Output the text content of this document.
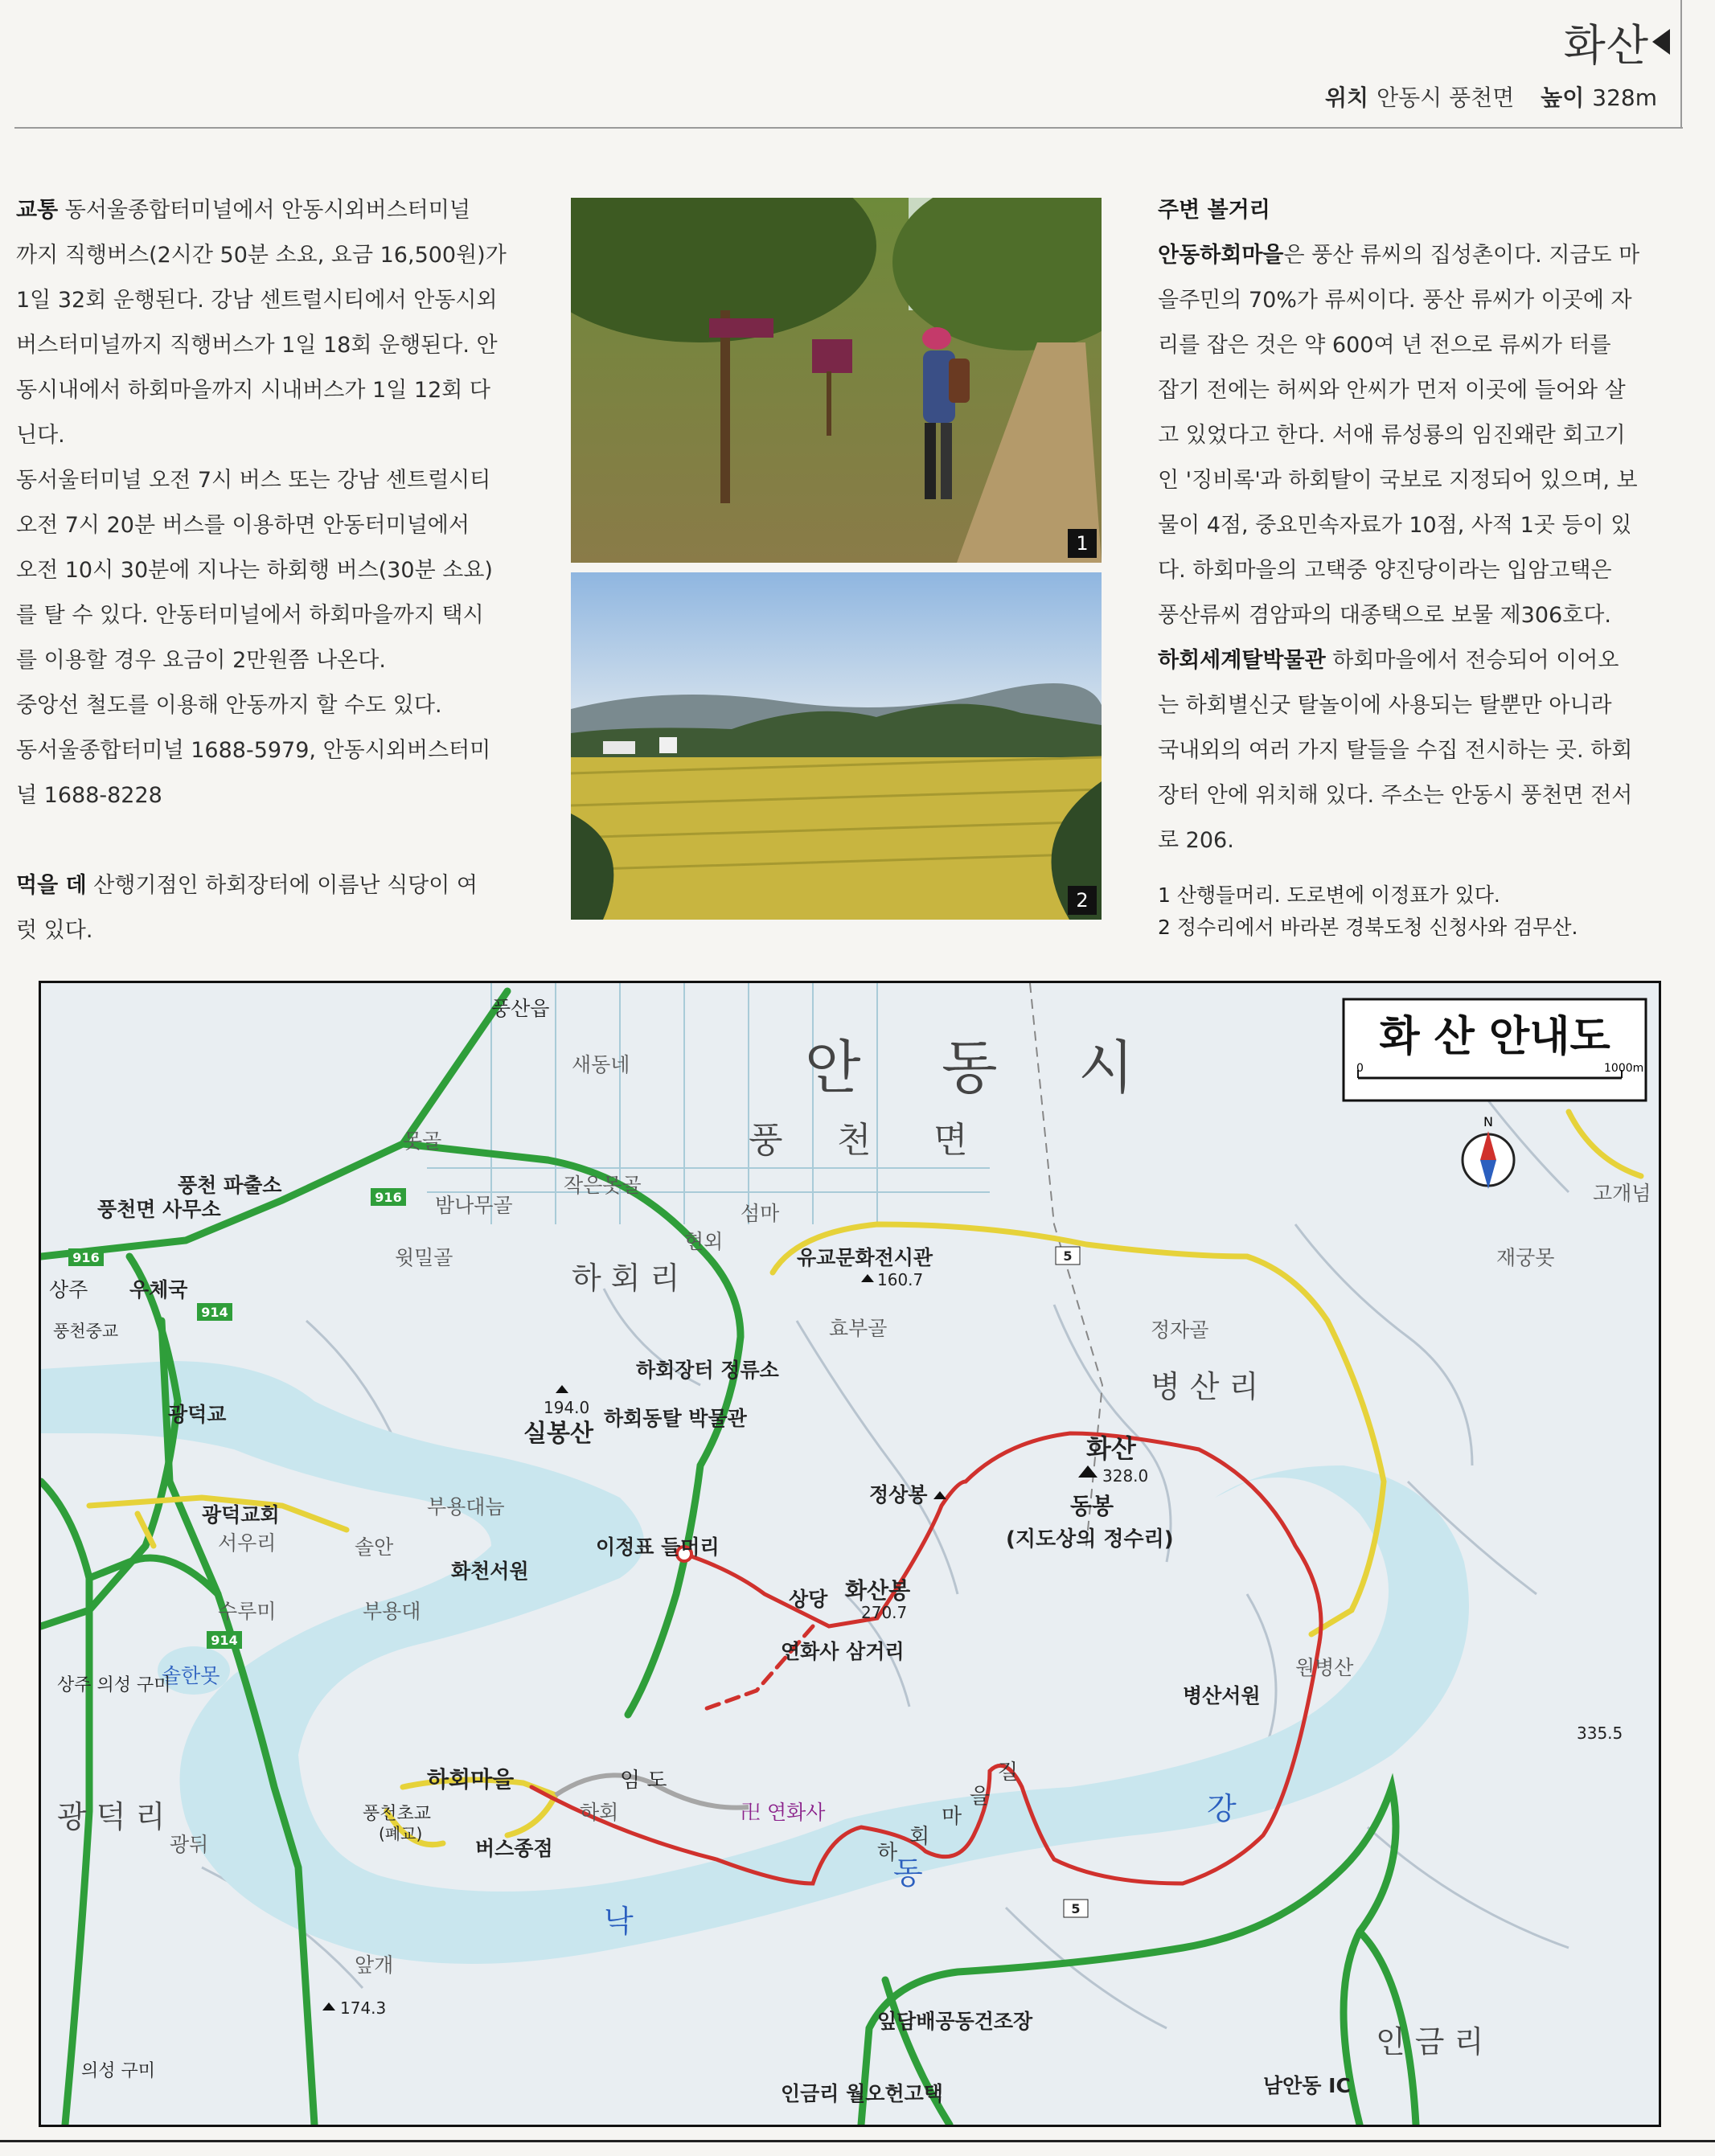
화산
위치 안동시 풍천면 높이 328m

교통 동서울종합터미널에서 안동시외버스터미널

까지 직행버스(2시간 50분 소요, 요금 16,500원)가

1일 32회 운행된다. 강남 센트럴시티에서 안동시외

버스터미널까지 직행버스가 1일 18회 운행된다. 안

동시내에서 하회마을까지 시내버스가 1일 12회 다

닌다.

동서울터미널 오전 7시 버스 또는 강남 센트럴시티

오전 7시 20분 버스를 이용하면 안동터미널에서

오전 10시 30분에 지나는 하회행 버스(30분 소요)

를 탈 수 있다. 안동터미널에서 하회마을까지 택시

를 이용할 경우 요금이 2만원쯤 나온다.

중앙선 철도를 이용해 안동까지 할 수도 있다.

동서울종합터미널 1688-5979, 안동시외버스터미

널 1688-8228

먹을 데 산행기점인 하회장터에 이름난 식당이 여

럿 있다.

1
2

주변 볼거리

안동하회마을은 풍산 류씨의 집성촌이다. 지금도 마

을주민의 70%가 류씨이다. 풍산 류씨가 이곳에 자

리를 잡은 것은 약 600여 년 전으로 류씨가 터를

잡기 전에는 허씨와 안씨가 먼저 이곳에 들어와 살

고 있었다고 한다. 서애 류성룡의 임진왜란 회고기

인 '징비록'과 하회탈이 국보로 지정되어 있으며, 보

물이 4점, 중요민속자료가 10점, 사적 1곳 등이 있

다. 하회마을의 고택중 양진당이라는 입암고택은

풍산류씨 겸암파의 대종택으로 보물 제306호다.

하회세계탈박물관 하회마을에서 전승되어 이어오

는 하회별신굿 탈놀이에 사용되는 탈뿐만 아니라

국내외의 여러 가지 탈들을 수집 전시하는 곳. 하회

장터 안에 위치해 있다. 주소는 안동시 풍천면 전서

로 206.

1 산행들머리. 도로변에 이정표가 있다.

2 정수리에서 바라본 경북도청 신청사와 검무산.

916
916
914
914
5
5
화 산 안내도
0	1000m
N
안 동 시
풍 천 면
하 회 리
병 산 리
광 덕 리
인 금 리
낙
동
강
풍산읍
새동네
못골
밤나무골
작은못골
섬마
현외
윗밀골
풍천면 사무소
풍천 파출소
우체국
상주
풍천중교
광덕교
광덕교회
서우리
수루미
솔한못
상주 의성 구미
광뒤
앞개
174.3
의성 구미
유교문화전시관
160.7
효부골	정자골
고개넘
재궁못
하회장터 정류소
하회동탈 박물관
실봉산
194.0
부용대늠
솔안
화천서원
부용대
이정표 들머리
임 도
상당 화산봉
270.7
연화사 삼거리
卍 연화사
정상봉
화산
328.0
동봉
(지도상의 정수리)
원병산
병산서원
335.5
하회마을
하회
풍천초교
(폐교)
버스종점
잎담배공동건조장
인금리 월오헌고택	남안동 IC
하
회
마
을
길
